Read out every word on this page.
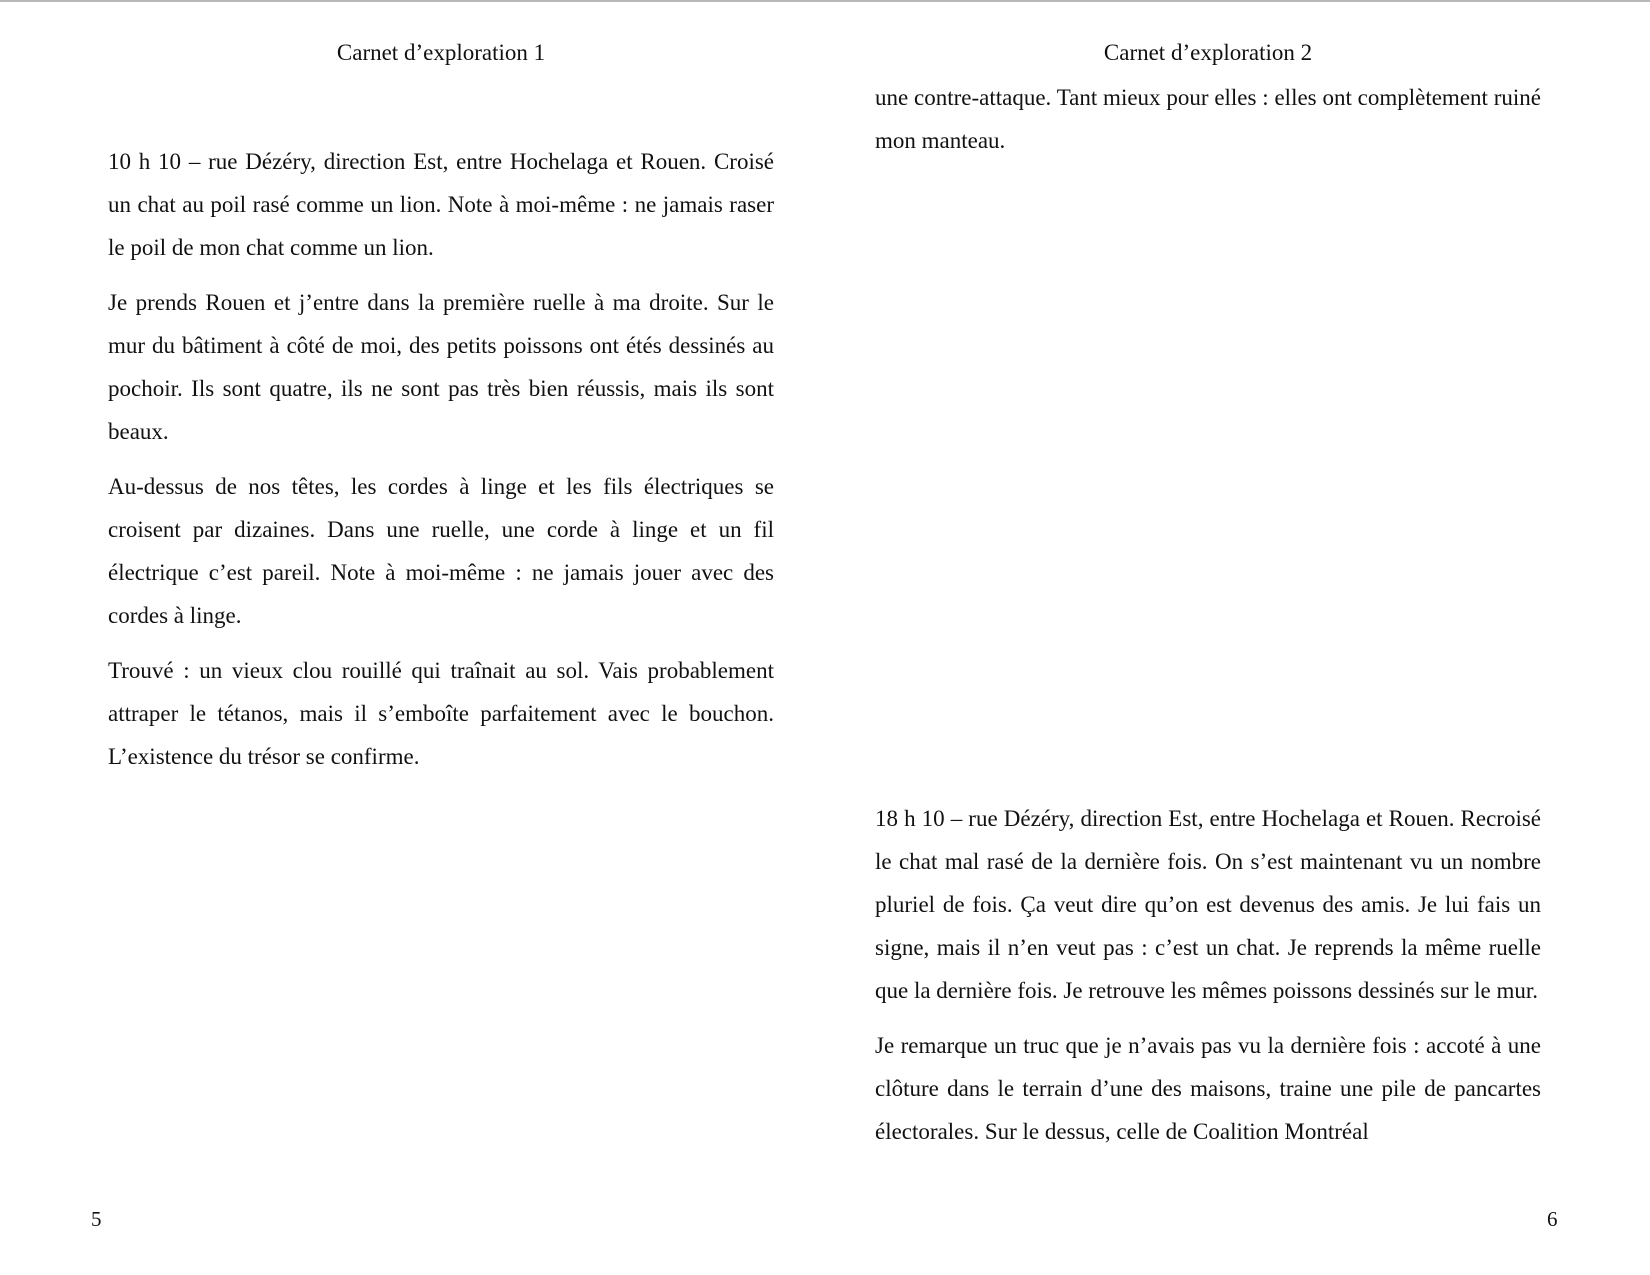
Carnet d’exploration 1

10 h 10 – rue Dézéry, direction Est, entre Hochelaga et Rouen. Croisé un chat au poil rasé comme un lion. Note à moi-même : ne jamais raser le poil de mon chat comme un lion.

Je prends Rouen et j’entre dans la première ruelle à ma droite. Sur le mur du bâtiment à côté de moi, des petits poissons ont étés dessinés au pochoir. Ils sont quatre, ils ne sont pas très bien réussis, mais ils sont beaux.

Au-dessus de nos têtes, les cordes à linge et les fils électriques se croisent par dizaines. Dans une ruelle, une corde à linge et un fil électrique c’est pareil. Note à moi-même : ne jamais jouer avec des cordes à linge.

Trouvé : un vieux clou rouillé qui traînait au sol. Vais probablement attraper le tétanos, mais il s’emboîte parfaitement avec le bouchon. L’existence du trésor se confirme.

5
Carnet d’exploration 2

une contre-attaque. Tant mieux pour elles : elles ont complètement ruiné mon manteau.

18 h 10 – rue Dézéry, direction Est, entre Hochelaga et Rouen. Recroisé le chat mal rasé de la dernière fois. On s’est maintenant vu un nombre pluriel de fois. Ça veut dire qu’on est devenus des amis. Je lui fais un signe, mais il n’en veut pas : c’est un chat. Je reprends la même ruelle que la dernière fois. Je retrouve les mêmes poissons dessinés sur le mur.

Je remarque un truc que je n’avais pas vu la dernière fois : accoté à une clôture dans le terrain d’une des maisons, traine une pile de pancartes électorales. Sur le dessus, celle de Coalition Montréal

6
